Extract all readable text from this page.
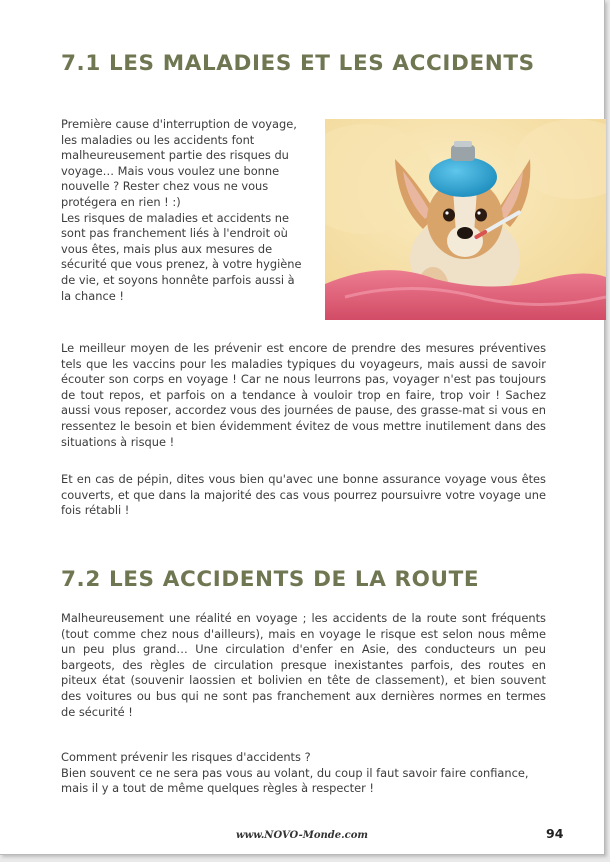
7.1 LES MALADIES ET LES ACCIDENTS
Première cause d'interruption de voyage,
les maladies ou les accidents font
malheureusement partie des risques du
voyage… Mais vous voulez une bonne
nouvelle ? Rester chez vous ne vous
protégera en rien ! :)
Les risques de maladies et accidents ne
sont pas franchement liés à l'endroit où
vous êtes, mais plus aux mesures de
sécurité que vous prenez, à votre hygiène
de vie, et soyons honnête parfois aussi à
la chance !

Le meilleur moyen de les prévenir est encore de prendre des mesures préventives tels que les vaccins pour les maladies typiques du voyageurs, mais aussi de savoir écouter son corps en voyage ! Car ne nous leurrons pas, voyager n'est pas toujours de tout repos, et parfois on a tendance à vouloir trop en faire, trop voir ! Sachez aussi vous reposer, accordez vous des journées de pause, des grasse-mat si vous en ressentez le besoin et bien évidemment évitez de vous mettre inutilement dans des situations à risque !

Et en cas de pépin, dites vous bien qu'avec une bonne assurance voyage vous êtes couverts, et que dans la majorité des cas vous pourrez poursuivre votre voyage une fois rétabli !

7.2 LES ACCIDENTS DE LA ROUTE

Malheureusement une réalité en voyage ; les accidents de la route sont fréquents (tout comme chez nous d'ailleurs), mais en voyage le risque est selon nous même un peu plus grand… Une circulation d'enfer en Asie, des conducteurs un peu bargeots, des règles de circulation presque inexistantes parfois, des routes en piteux état (souvenir laossien et bolivien en tête de classement), et bien souvent des voitures ou bus qui ne sont pas franchement aux dernières normes en termes de sécurité !

Comment prévenir les risques d'accidents ?
Bien souvent ce ne sera pas vous au volant, du coup il faut savoir faire confiance,
mais il y a tout de même quelques règles à respecter !
www.NOVO-Monde.com	94
